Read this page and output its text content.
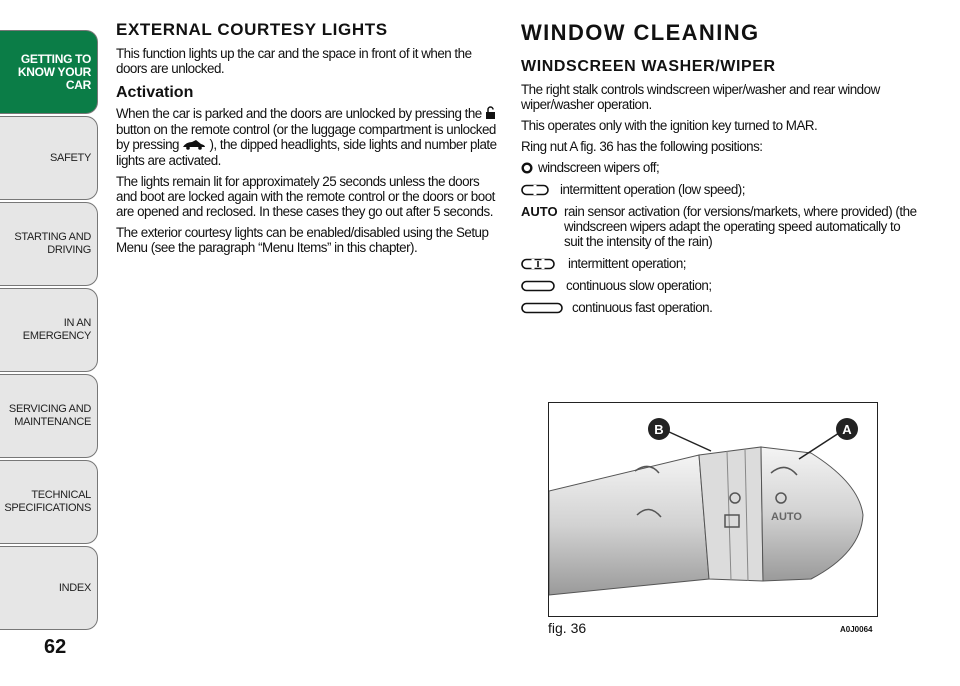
GETTING TO
KNOW YOUR CAR
SAFETY
STARTING AND
DRIVING
IN AN EMERGENCY
SERVICING AND
MAINTENANCE
TECHNICAL
SPECIFICATIONS
INDEX
62
EXTERNAL COURTESY LIGHTS

This function lights up the car and the space in front of it when the doors are unlocked.

Activation

When the car is parked and the doors are unlocked by pressing the  button on the remote control (or the luggage compartment is unlocked by pressing ), the dipped headlights, side lights and number plate lights are activated.

The lights remain lit for approximately 25 seconds unless the doors and boot are locked again with the remote control or the doors or boot are opened and reclosed. In these cases they go out after 5 seconds.

The exterior courtesy lights can be enabled/disabled using the Setup Menu (see the paragraph “Menu Items” in this chapter).

WINDOW CLEANING
WINDSCREEN WASHER/WIPER

The right stalk controls windscreen wiper/washer and rear window wiper/washer operation.

This operates only with the ignition key turned to MAR.

Ring nut A fig. 36 has the following positions:

windscreen wipers off;
intermittent operation (low speed);
AUTO rain sensor activation (for versions/markets, where provided) (the windscreen wipers adapt the operating speed automatically to suit the intensity of the rain)
intermittent operation;
continuous slow operation;
continuous fast operation.
AUTO
B	A
fig. 36	A0J0064
